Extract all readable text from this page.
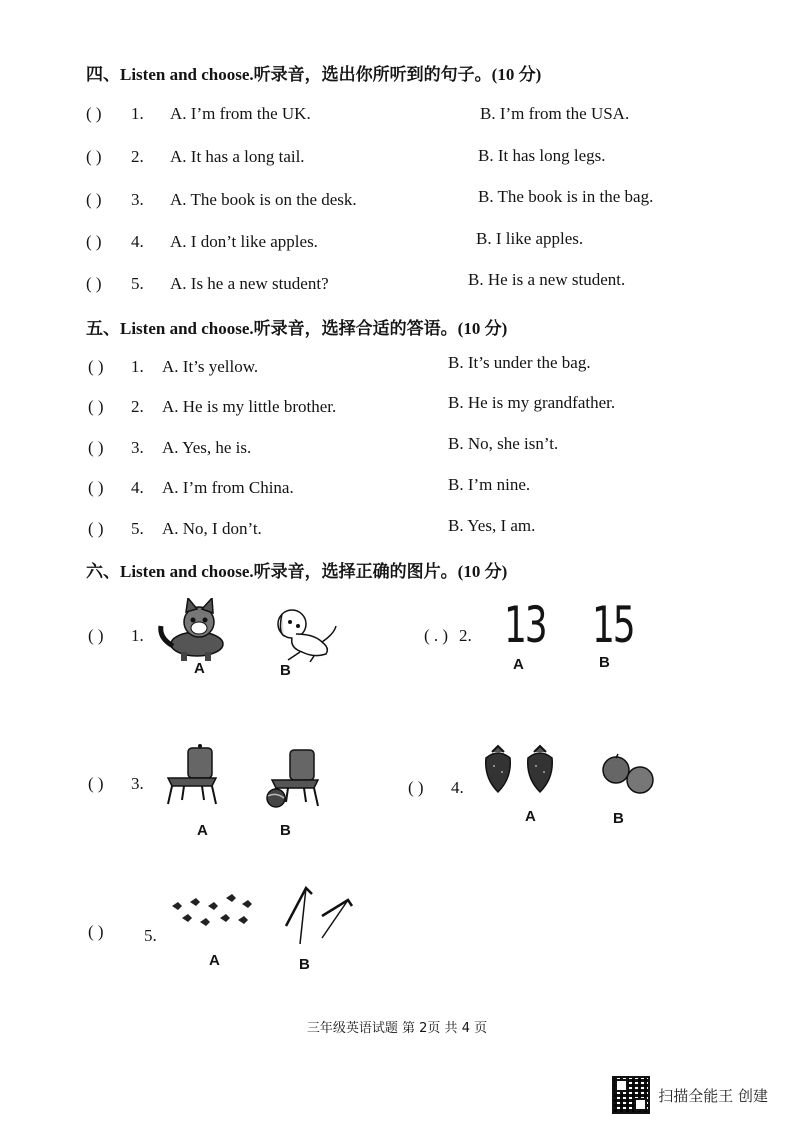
四、Listen and choose.听录音，选出你所听到的句子。(10 分)
( ) 1. A. I’m from the UK.	B. I’m from the USA.
( ) 2. A. It has a long tail.	B. It has long legs.
( ) 3. A. The book is on the desk.	B. The book is in the bag.
( ) 4. A. I don’t like apples.	B. I like apples.
( ) 5. A. Is he a new student?	B. He is a new student.
五、Listen and choose.听录音，选择合适的答语。(10 分)
( ) 1. A. It’s yellow.	B. It’s under the bag.
( ) 2. A. He is my little brother.	B. He is my grandfather.
( ) 3. A. Yes, he is.	B. No, she isn’t.
( ) 4. A. I’m from China.	B. I’m nine.
( ) 5. A. No, I don’t.	B. Yes, I am.
六、Listen and choose.听录音，选择正确的图片。(10 分)
( ) 1.
A	B
( . ) 2. 13
A
15
B
( ) 3.
A	B
( ) 4.
A	B
( ) 5.
A	B
三年级英语试题 第 2页 共 4 页
扫描全能王 创建
